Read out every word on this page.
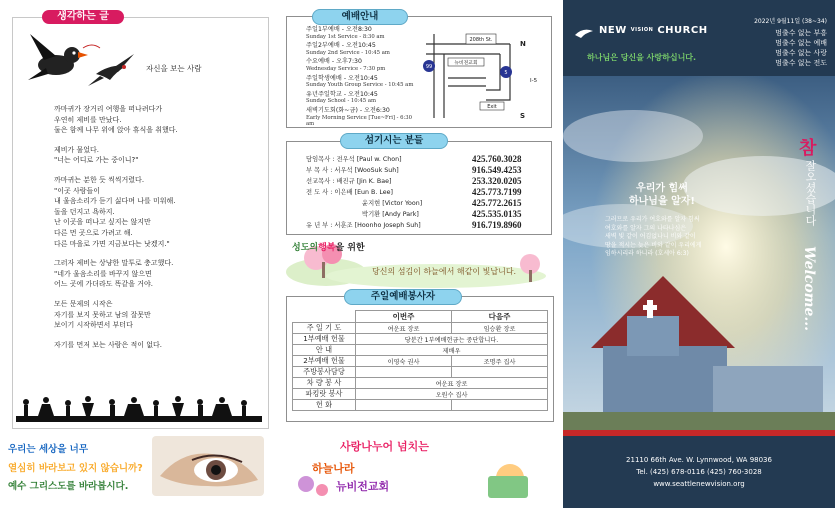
생각하는 글
자신을 보는 사람

까마귀가 장거리 여행을 떠나려다가
우연히 제비를 만났다.
둘은 함께 나무 위에 앉아 휴식을 취했다.

제비가 물었다.
"너는 어디로 가는 중이니?"

까마귀는 분한 듯 씩씩거렸다.
"이곳 사람들이
내 울음소리가 듣기 싫다며 나를 미워해.
돌을 던지고 욕하지.
난 이곳을 떠나고 싶지는 않지만
다른 먼 곳으로 가려고 해.
다른 마을로 가면 지금보다는 낫겠지."

그러자 제비는 상냥한 말투로 충고했다.
"네가 울음소리를 바꾸지 않으면
어느 곳에 가더라도 똑같을 거야.

모든 문제의 시작은
자기를 보지 못하고 남의 잘못만
보이기 시작하면서 부터다

자기를 먼저 보는 사람은 적이 없다.

우리는 세상을 너무
열심히 바라보고 있지 않습니까?
예수 그리스도를 바라봅시다.
예배안내
주일1부예배 - 오전8:30
Sunday 1st Service - 8:30 am
주일2부예배 - 오전10:45
Sunday 2nd Service - 10:45 am
수요예배 - 오후7:30
Wednesday Service - 7:30 pm
주일학생예배 - 오전10:45
Sunday Youth Group Service - 10:45 am
유년주일학교 - 오전10:45
Sunday School - 10:45 am
새벽기도회(화~금) - 오전6:30
Early Morning Service [Tue~Fri] - 6:30 am
208th St.
뉴비젼교회
99
5
Exit
N
S
I-5
섬기시는 분들
담임목사 : 전우석 [Paul w. Chon]	425.760.3028
부 목 사 : 서우석 [WooSuk Suh]	916.549.4253
선교목사 : 배진규 [Jin K. Bae]	253.320.0205
전 도 사 : 이은배 [Eun B. Lee]	425.773.7199
윤지현 [Victor Yoon]	425.772.2615
박기환 [Andy Park]	425.535.0135
유 년 부 : 서훈조 [Hoonho Joseph Suh]	916.719.8960
성도의행복을 위한
당신의 섬김이 하늘에서 해같이 빛납니다.
주일예배봉사자
	이번주	다음주
주 일 기 도	여운표 장로	임승환 장로
1부예배 헌물	당분간 1부예배헌금는 중단합니다.	
안 내	제배우	
2부예배 헌물	이영숙 권사	조명주 집사
주방봉사담당		
차 량 봉 사	여운표 장로	
파킹랏 봉사	오원수 집사	
헌 화		
사랑나누어 넘치는
하늘나라
뉴비전교회
NEW VISION CHURCH
하나님은 당신을 사랑하십니다.
2022년 9월11일 (38~34)
멈출수 없는 부흥
멈출수 없는 예배
멈출수 없는 사랑
멈출수 없는 전도
우리가 힘써
하나님을 알자!
그러므로 우리가 여호와를 알자 힘써
여호와를 알자 그의 나타나심은
새벽 빛 같이 어김없나니 비와 같이
땅을 적시는 늦은 비와 같이 우리에게
임하시리라 하니라 (호세아 6:3)
참
잘오셨습니다
Welcome...
21110 66th Ave. W. Lynnwood, WA 98036
Tel. (425) 678-0116 (425) 760-3028
www.seattlenewvision.org
